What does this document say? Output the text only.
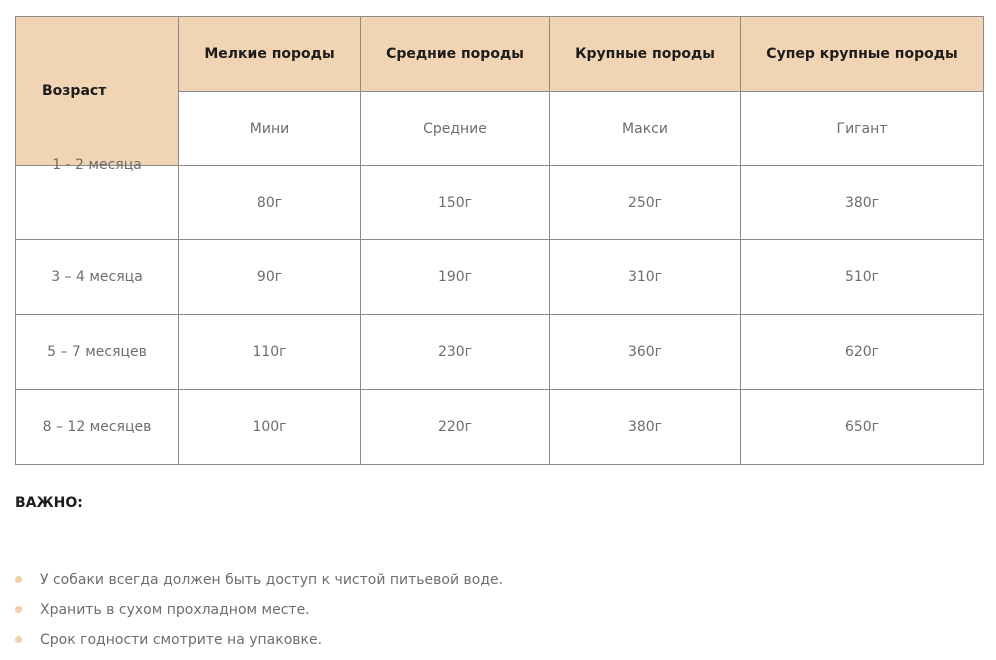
Возраст	Мелкие породы	Средние породы	Крупные породы	Супер крупные породы
	Мини	Средние	Макси	Гигант
1 - 2 месяца	80г	150г	250г	380г
3 – 4 месяца	90г	190г	310г	510г
5 – 7 месяцев	110г	230г	360г	620г
8 – 12 месяцев	100г	220г	380г	650г

ВАЖНО:

У собаки всегда должен быть доступ к чистой питьевой воде.
Хранить в сухом прохладном месте.
Срок годности смотрите на упаковке.
